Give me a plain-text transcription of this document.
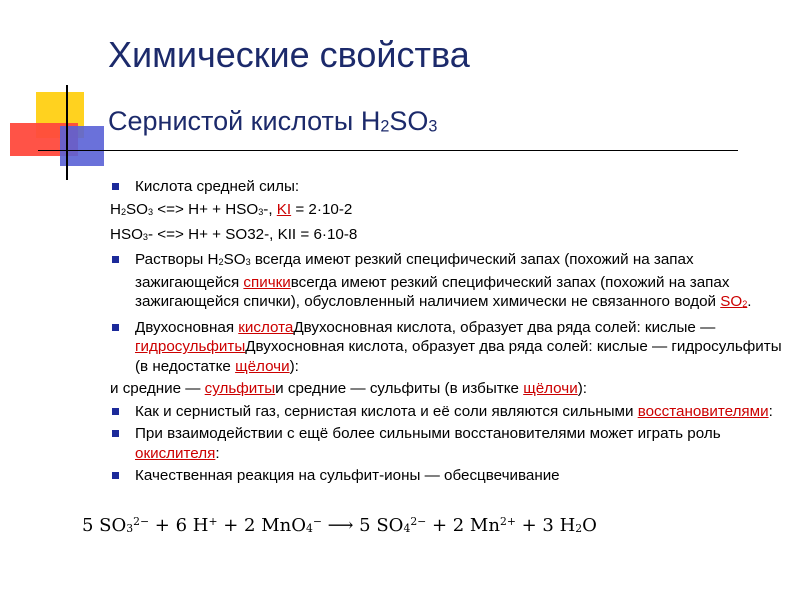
Химические свойства
Сернистой кислоты H2SO3
Кислота средней силы:
H2SO3 <=> H+ + HSO3-, KI = 2·10-2
HSO3- <=> H+ + SO32-, KII = 6·10-8
Растворы H2SO3 всегда имеют резкий специфический запах (похожий на запах зажигающейся спичкивсегда имеют резкий специфический запах (похожий на запах зажигающейся спички), обусловленный наличием химически не связанного водой SO2.
Двухосновная кислотаДвухосновная кислота, образует два ряда солей: кислые — гидросульфитыДвухосновная кислота, образует два ряда солей: кислые — гидросульфиты (в недостатке щёлочи):
и средние — сульфитыи средние — сульфиты (в избытке щёлочи):
Как и сернистый газ, сернистая кислота и её соли являются сильными восстановителями:
При взаимодействии с ещё более сильными восстановителями может играть роль окислителя:
Качественная реакция на сульфит-ионы — обесцвечивание
5 $SO3^{2-} + 6$ H+ + 2 MnO4− ⟶ 5 $SO4^{2-} + 2$ $Mn^{2+} + 3$ H2O
